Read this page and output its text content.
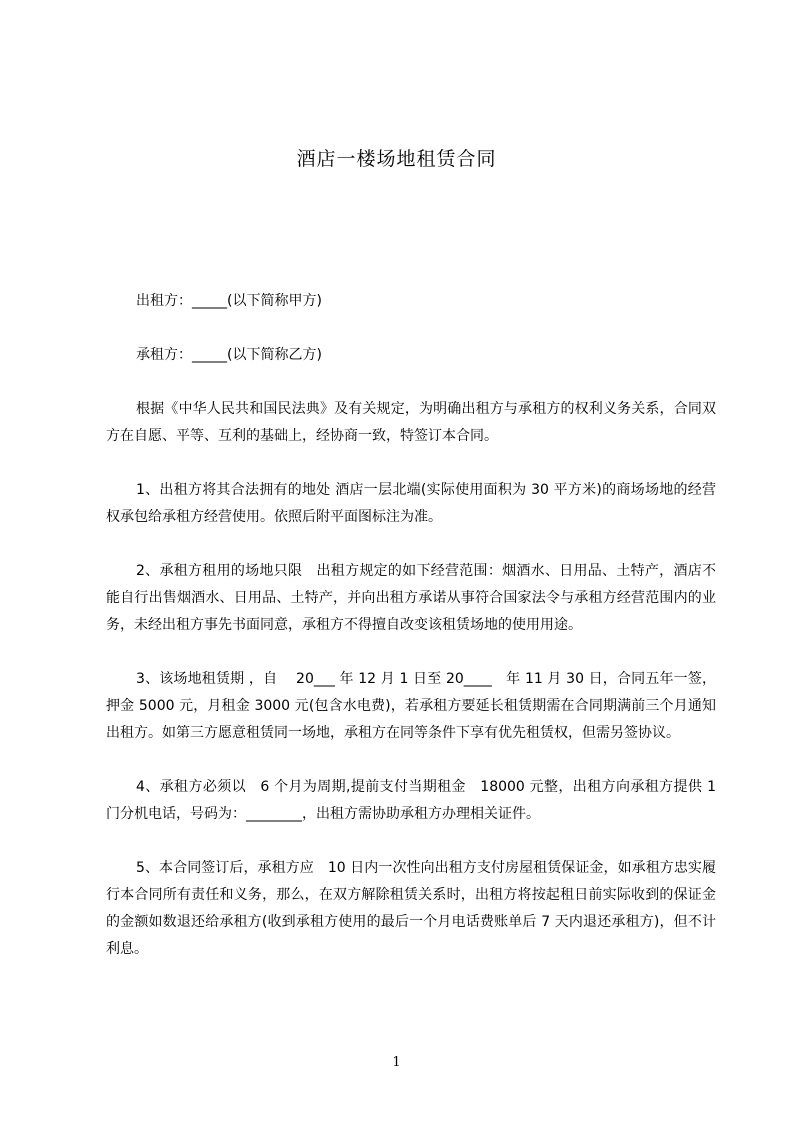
酒店一楼场地租赁合同

出租方：_____(以下简称甲方)

承租方：_____(以下简称乙方)

根据《中华人民共和国民法典》及有关规定，为明确出租方与承租方的权利义务关系，合同双方在自愿、平等、互利的基础上，经协商一致，特签订本合同。

1、出租方将其合法拥有的地处 酒店一层北端(实际使用面积为 30 平方米)的商场场地的经营权承包给承租方经营使用。依照后附平面图标注为准。

2、承租方租用的场地只限　出租方规定的如下经营范围：烟酒水、日用品、土特产，酒店不能自行出售烟酒水、日用品、土特产，并向出租方承诺从事符合国家法令与承租方经营范围内的业务，未经出租方事先书面同意，承租方不得擅自改变该租赁场地的使用用途。

3、该场地租赁期 ，自　 20___ 年 12 月 1 日至 20____　年 11 月 30 日，合同五年一签，押金 5000 元，月租金 3000 元(包含水电费)，若承租方要延长租赁期需在合同期满前三个月通知出租方。如第三方愿意租赁同一场地，承租方在同等条件下享有优先租赁权，但需另签协议。

4、承租方必须以　6 个月为周期,提前支付当期租金　18000 元整，出租方向承租方提供 1 门分机电话，号码为：________，出租方需协助承租方办理相关证件。

5、本合同签订后，承租方应　10 日内一次性向出租方支付房屋租赁保证金，如承租方忠实履行本合同所有责任和义务，那么，在双方解除租赁关系时，出租方将按起租日前实际收到的保证金的金额如数退还给承租方(收到承租方使用的最后一个月电话费账单后 7 天内退还承租方)，但不计利息。

1
